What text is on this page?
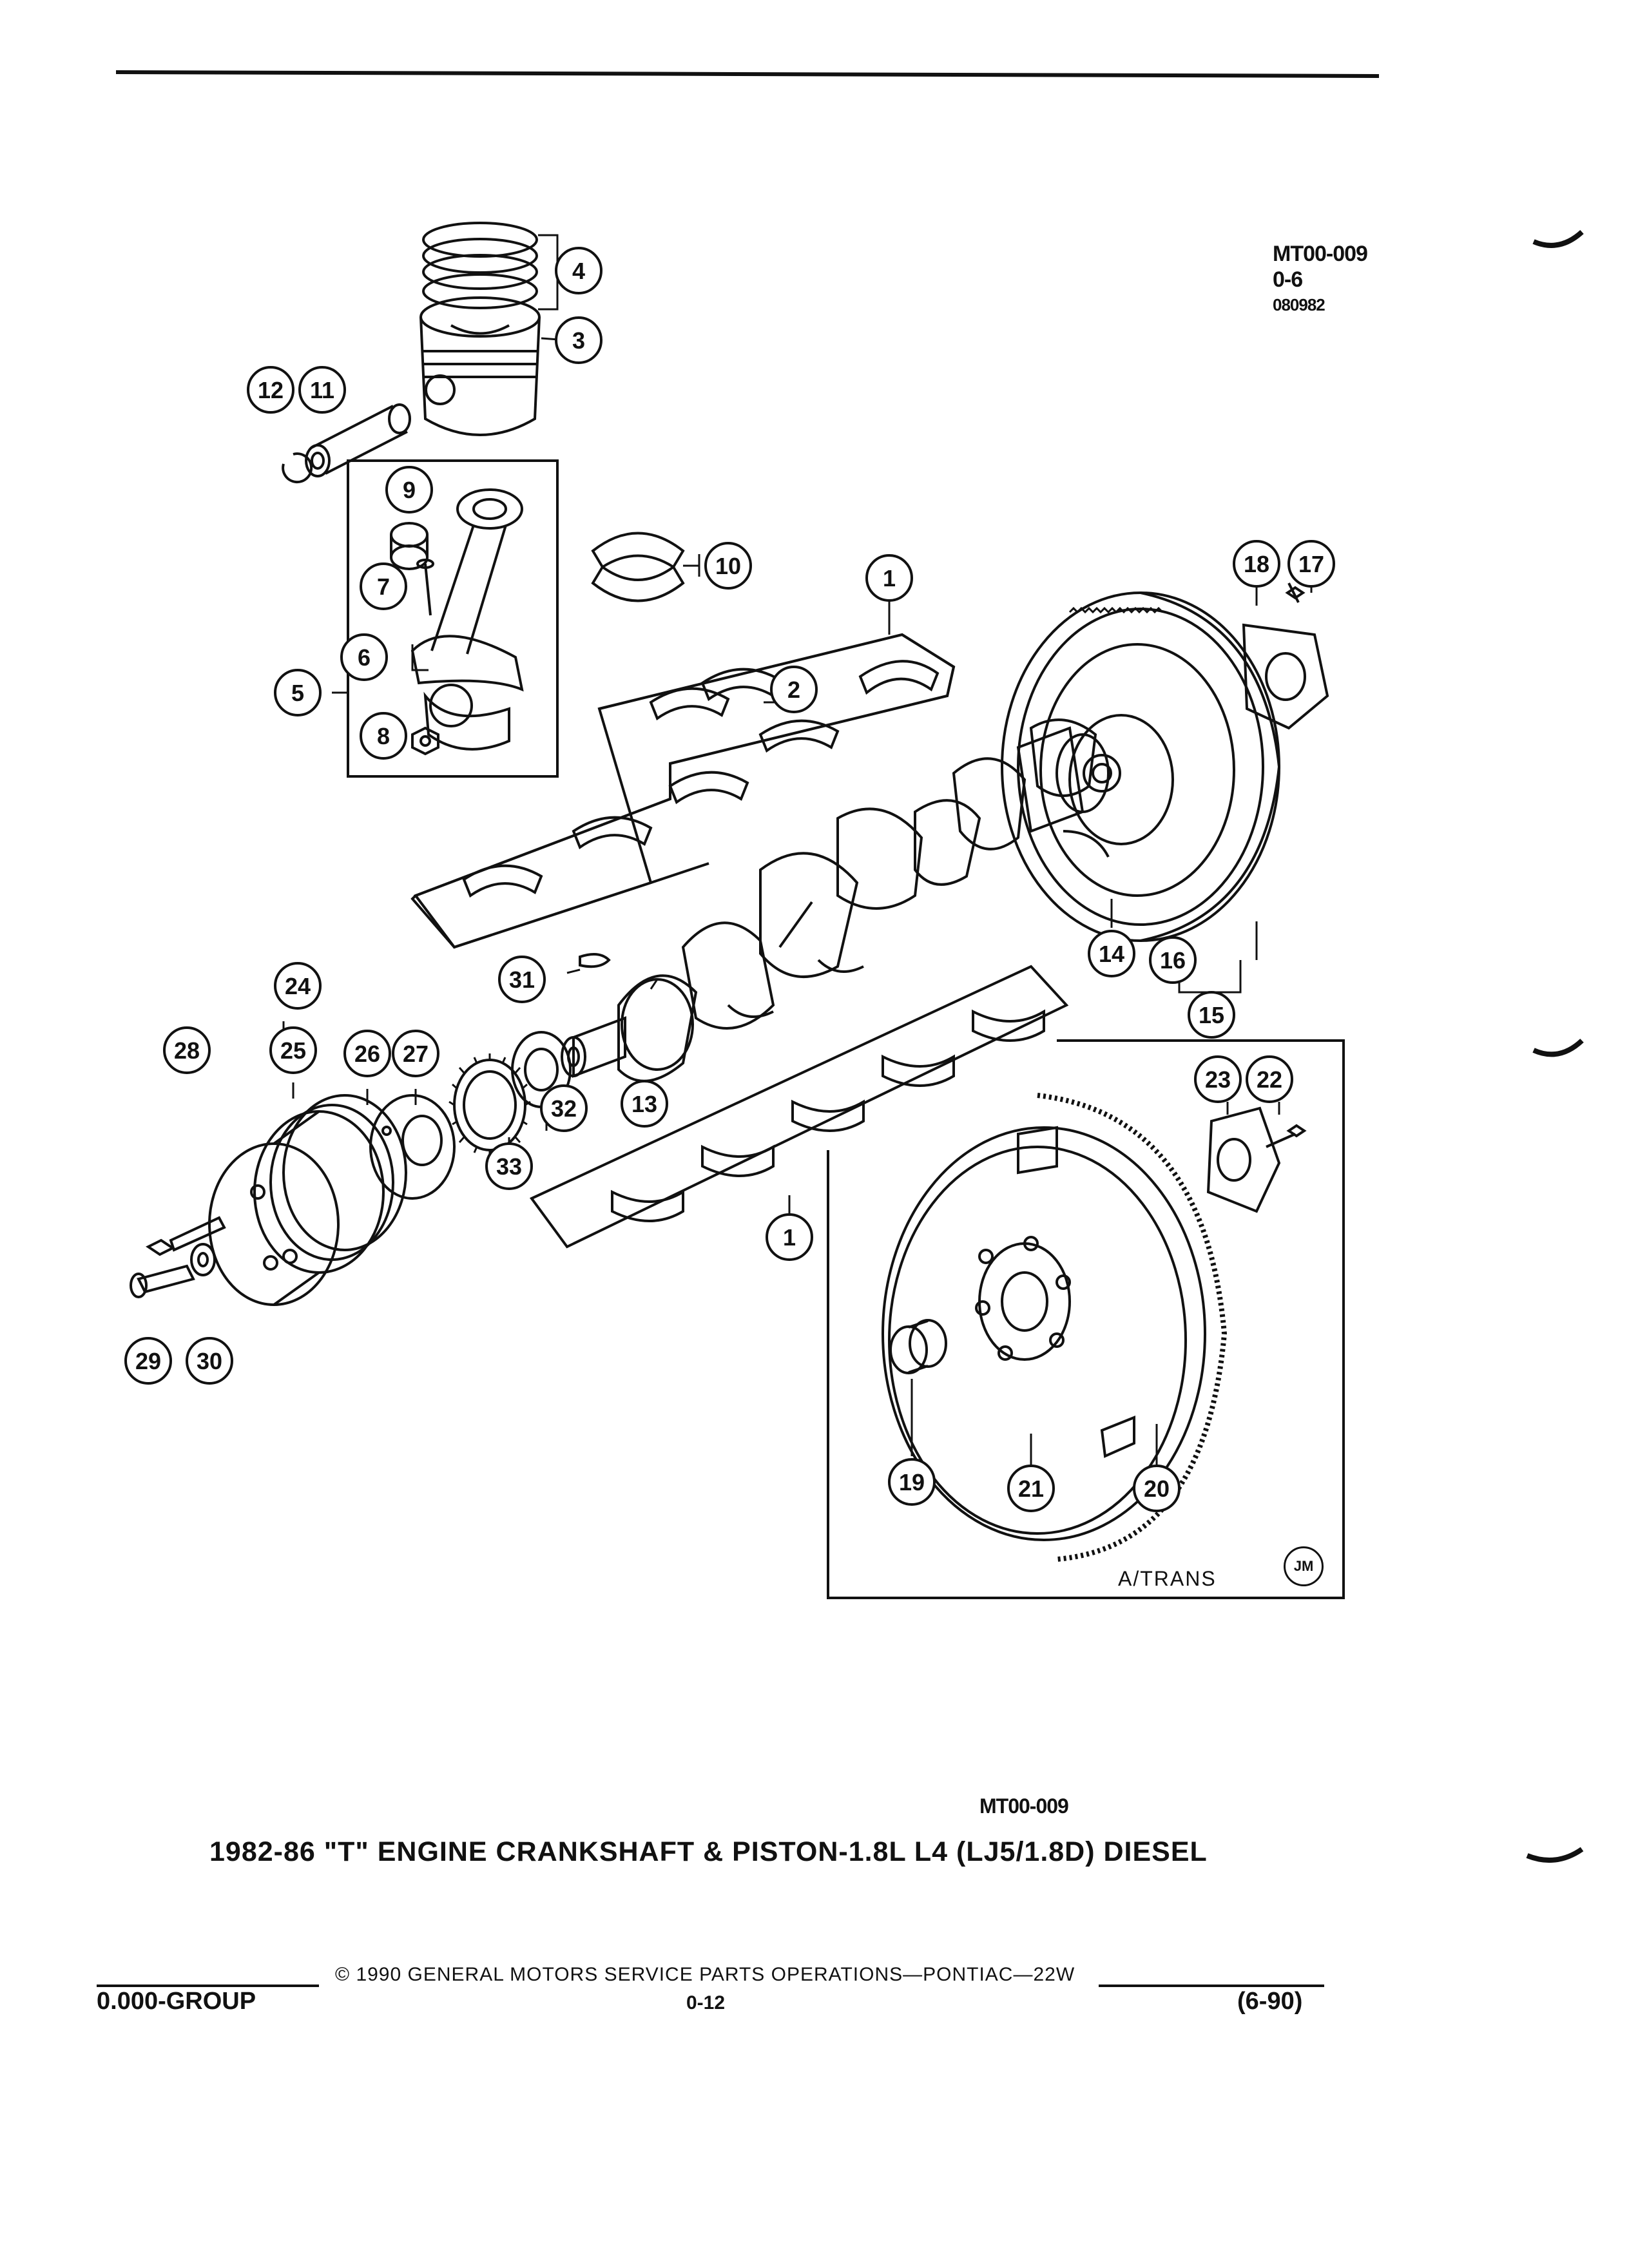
1
2
3
4
5
6
7
8
9
10
11
12
13
14
15
16
17
18
19	20
21
22
23
24
25 26 27
28
29 30
31
32
33
1
MT00-009
0-6
080982
A/TRANS
JM
MT00-009
1982-86 "T" ENGINE CRANKSHAFT & PISTON-1.8L L4 (LJ5/1.8D) DIESEL
© 1990 GENERAL MOTORS SERVICE PARTS OPERATIONS—PONTIAC—22W
0.000-GROUP	0-12	(6-90)
